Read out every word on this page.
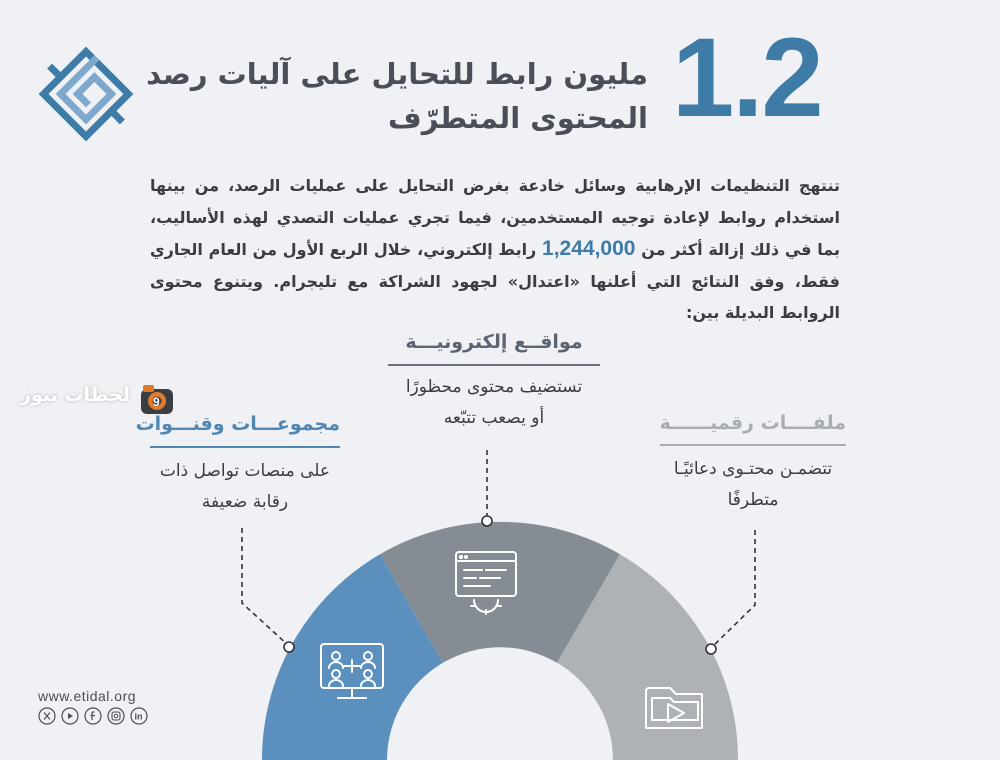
1.2
مليون رابط للتحايل على آليات رصد
المحتوى المتطرّف
تنتهج التنظيمات الإرهابية وسائل خادعة بغرض التحايل على عمليات الرصد، من بينها استخدام روابط لإعادة توجيه المستخدمين، فيما تجري عمليات التصدي لهذه الأساليب، بما في ذلك إزالة أكثر من 1,244,000 رابط إلكتروني، خلال الربع الأول من العام الجاري فقط، وفق النتائج التي أعلنها «اعتدال» لجهود الشراكة مع تليجرام. ويتنوع محتوى الروابط البديلة بين:
9
لحظات نيوز
مواقــع إلكترونيـــة
تستضيف محتوى محظورًا
أو يصعب تتبّعه
مجموعـــات وقنـــوات
على منصات تواصل ذات
رقابة ضعيفة
ملفــــات رقميــــــة
تتضمـن محتـوى دعائيًـا
متطرفًا
www.etidal.org
in
